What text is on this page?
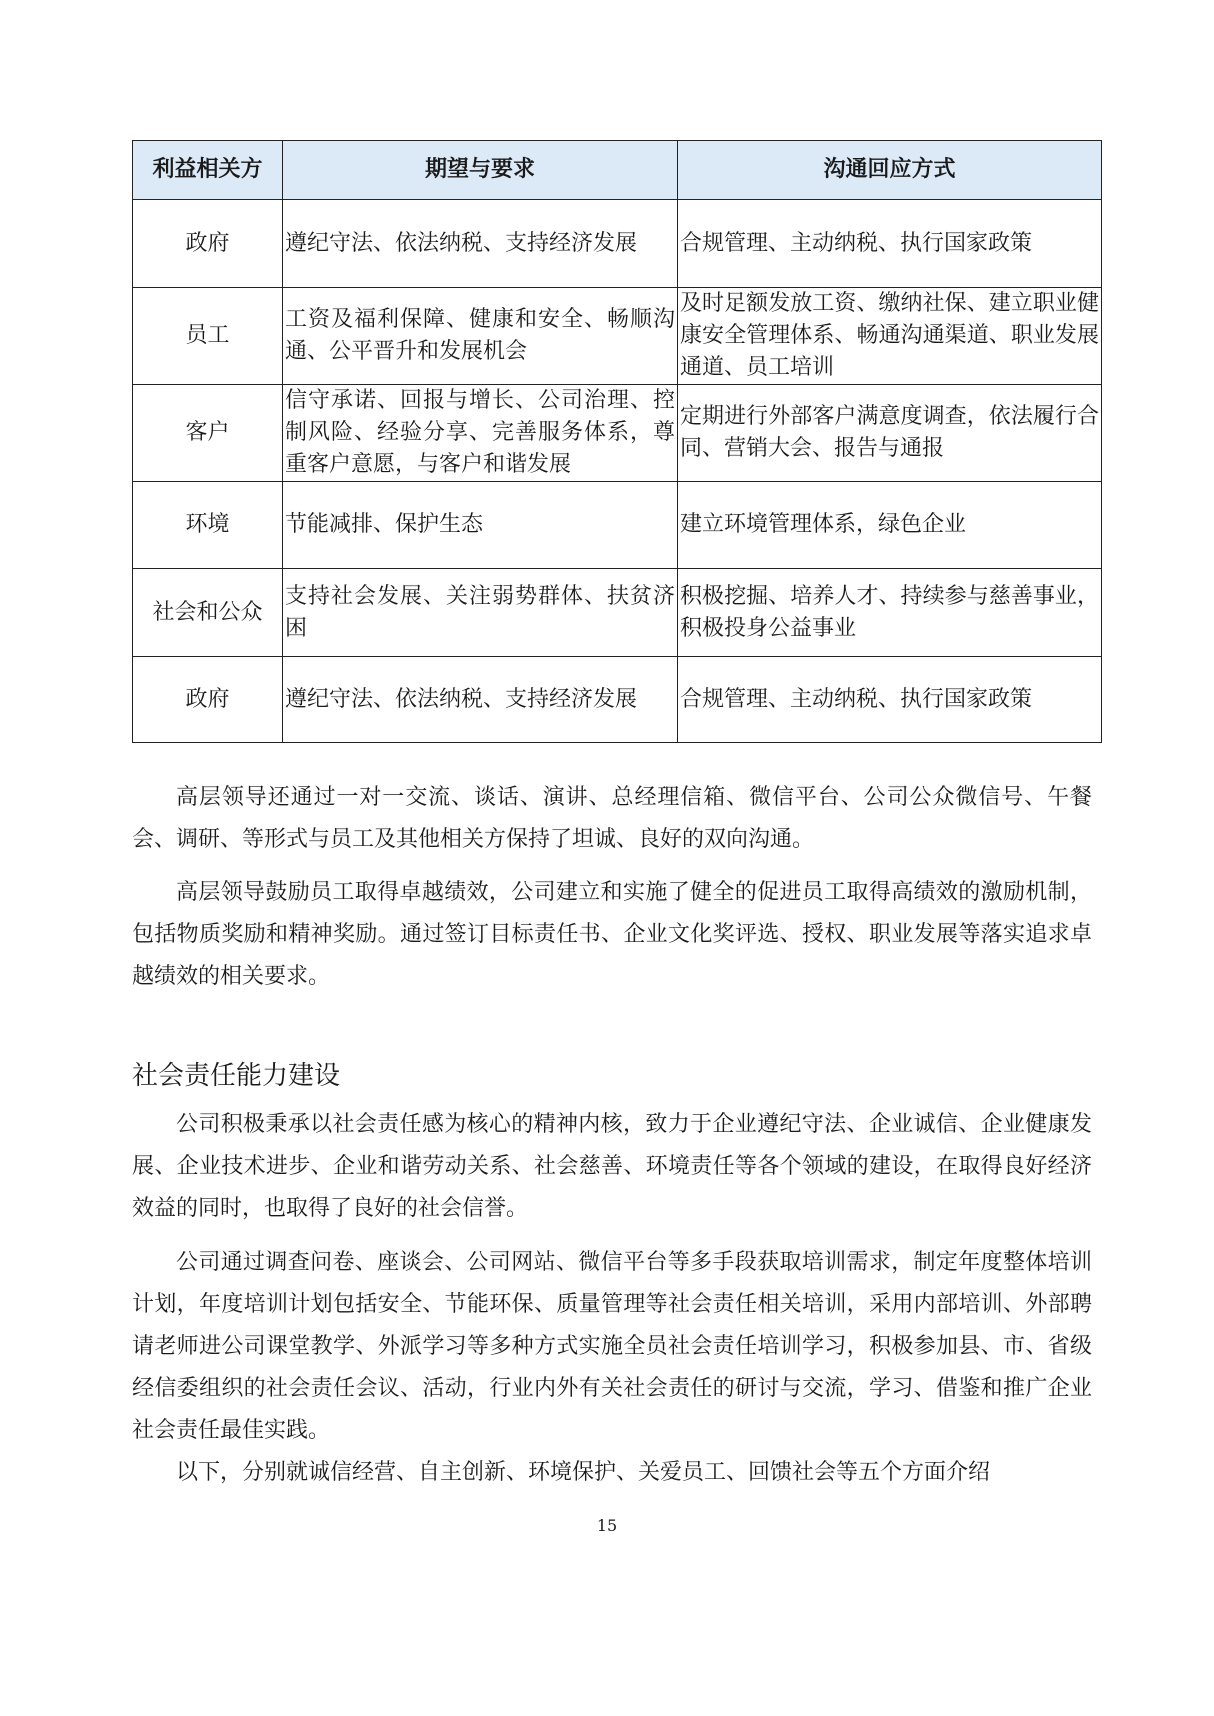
利益相关方	期望与要求	沟通回应方式
政府	遵纪守法、依法纳税、支持经济发展	合规管理、主动纳税、执行国家政策
员工	工资及福利保障、健康和安全、畅顺沟通、公平晋升和发展机会	及时足额发放工资、缴纳社保、建立职业健康安全管理体系、畅通沟通渠道、职业发展通道、员工培训
客户	信守承诺、回报与增长、公司治理、控制风险、经验分享、完善服务体系，尊重客户意愿，与客户和谐发展	定期进行外部客户满意度调查，依法履行合同、营销大会、报告与通报
环境	节能减排、保护生态	建立环境管理体系，绿色企业
社会和公众	支持社会发展、关注弱势群体、扶贫济困	积极挖掘、培养人才、持续参与慈善事业，积极投身公益事业
政府	遵纪守法、依法纳税、支持经济发展	合规管理、主动纳税、执行国家政策

高层领导还通过一对一交流、谈话、演讲、总经理信箱、微信平台、公司公众微信号、午餐会、调研、等形式与员工及其他相关方保持了坦诚、良好的双向沟通。

高层领导鼓励员工取得卓越绩效，公司建立和实施了健全的促进员工取得高绩效的激励机制， 包括物质奖励和精神奖励。通过签订目标责任书、企业文化奖评选、授权、职业发展等落实追求卓越绩效的相关要求。

社会责任能力建设

公司积极秉承以社会责任感为核心的精神内核，致力于企业遵纪守法、企业诚信、企业健康发展、企业技术进步、企业和谐劳动关系、社会慈善、环境责任等各个领域的建设，在取得良好经济效益的同时，也取得了良好的社会信誉。

公司通过调查问卷、座谈会、公司网站、微信平台等多手段获取培训需求，制定年度整体培训计划，年度培训计划包括安全、节能环保、质量管理等社会责任相关培训，采用内部培训、外部聘请老师进公司课堂教学、外派学习等多种方式实施全员社会责任培训学习，积极参加县、市、省级经信委组织的社会责任会议、活动，行业内外有关社会责任的研讨与交流，学习、借鉴和推广企业社会责任最佳实践。

以下，分别就诚信经营、自主创新、环境保护、关爱员工、回馈社会等五个方面介绍

15
